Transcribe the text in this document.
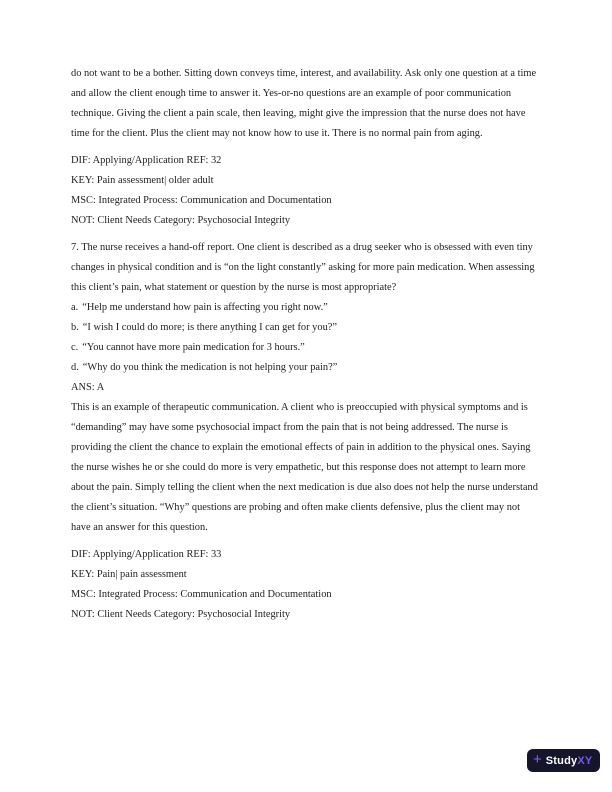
do not want to be a bother. Sitting down conveys time, interest, and availability. Ask only one question at a time and allow the client enough time to answer it. Yes-or-no questions are an example of poor communication technique. Giving the client a pain scale, then leaving, might give the impression that the nurse does not have time for the client. Plus the client may not know how to use it. There is no normal pain from aging.

DIF: Applying/Application REF: 32
KEY: Pain assessment| older adult
MSC: Integrated Process: Communication and Documentation
NOT: Client Needs Category: Psychosocial Integrity
7. The nurse receives a hand-off report. One client is described as a drug seeker who is obsessed with even tiny changes in physical condition and is “on the light constantly” asking for more pain medication. When assessing this client’s pain, what statement or question by the nurse is most appropriate?
a. “Help me understand how pain is affecting you right now.”
b. “I wish I could do more; is there anything I can get for you?”
c. “You cannot have more pain medication for 3 hours.”
d. “Why do you think the medication is not helping your pain?”
ANS: A
This is an example of therapeutic communication. A client who is preoccupied with physical symptoms and is “demanding” may have some psychosocial impact from the pain that is not being addressed. The nurse is providing the client the chance to explain the emotional effects of pain in addition to the physical ones. Saying the nurse wishes he or she could do more is very empathetic, but this response does not attempt to learn more about the pain. Simply telling the client when the next medication is due also does not help the nurse understand the client’s situation. “Why” questions are probing and often make clients defensive, plus the client may not have an answer for this question.
DIF: Applying/Application REF: 33
KEY: Pain| pain assessment
MSC: Integrated Process: Communication and Documentation
NOT: Client Needs Category: Psychosocial Integrity
+ StudyXY
